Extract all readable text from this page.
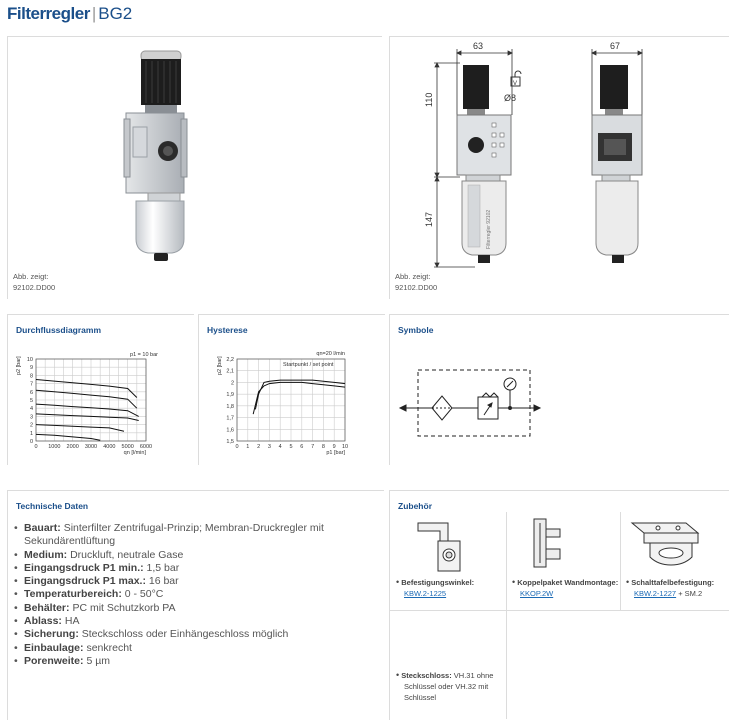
Filterregler | BG2
Abb. zeigt:
92102.DD00
63	67
110
147
Ø8
V
Filterregler 92102
Abb. zeigt:
92102.DD00
Durchflussdiagramm
0
1
2
3
4
5
6
7
8
9
10
0 1000 2000 3000 4000 5000 6000
p2 [bar]
qn [l/min]
p1 = 10 bar
Hysterese
1,5
1,6
1,7
1,8
1,9
2
2,1
2,2
0 1 2 3 4 5 6 7 8 9 10
p2 [bar]
p1 [bar]
qn=20 l/min
Startpunkt / set point
Symbole
Technische Daten
• Bauart: Sinterfilter Zentrifugal-Prinzip; Membran-Druckregler mit
Sekundärentlüftung
• Medium: Druckluft, neutrale Gase
• Eingangsdruck P1 min.: 1,5 bar
• Eingangsdruck P1 max.: 16 bar
• Temperaturbereich: 0 - 50°C
• Behälter: PC mit Schutzkorb PA
• Ablass: HA
• Sicherung: Steckschloss oder Einhängeschloss möglich
• Einbaulage: senkrecht
• Porenweite: 5 µm
Zubehör
• Befestigungswinkel:
KBW.2-1225
• Koppelpaket Wandmontage:
KKOP.2W
• Schalttafelbefestigung:
KBW.2-1227 + SM.2
• Steckschloss: VH.31 ohne
Schlüssel oder VH.32 mit
Schlüssel
